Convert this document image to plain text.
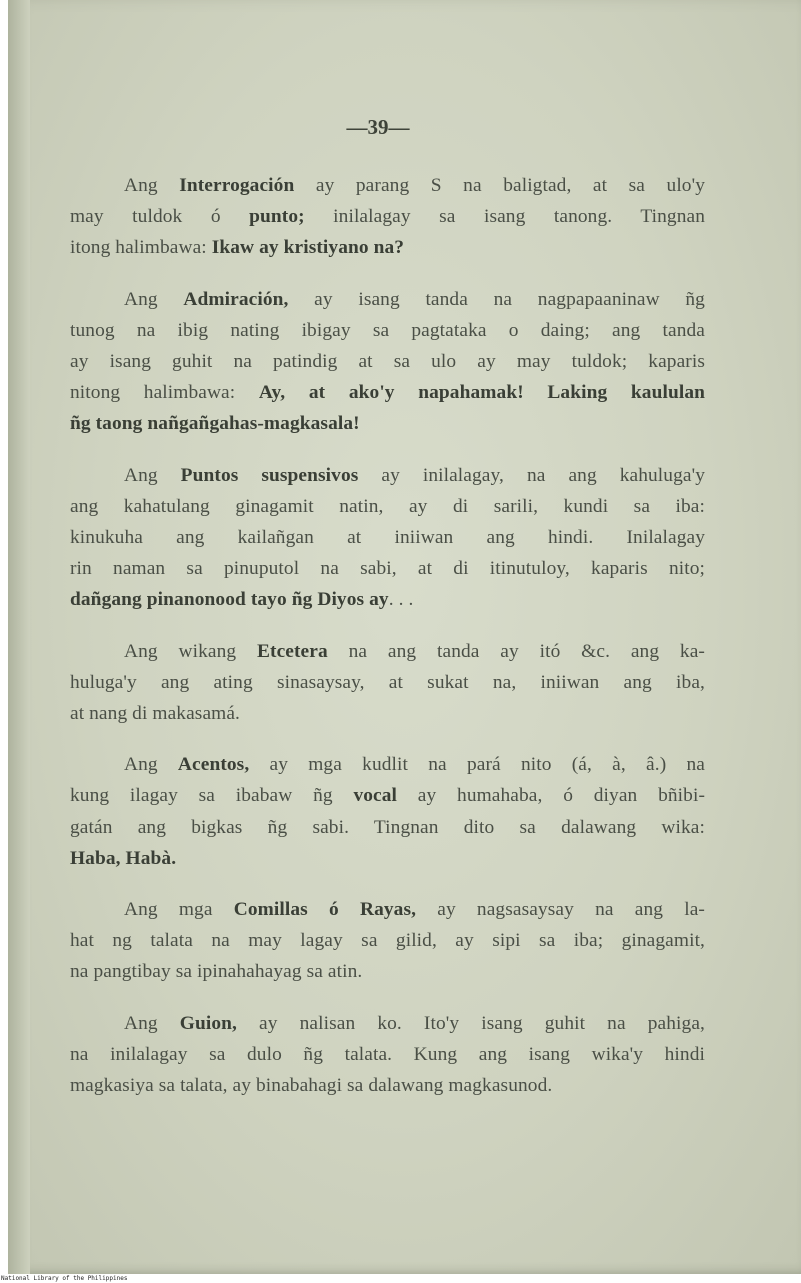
—39—
Ang Interrogación ay parang S na baligtad, at sa ulo'y
may tuldok ó punto; inilalagay sa isang tanong. Tingnan
itong halimbawa: Ikaw ay kristiyano na?
Ang Admiración, ay isang tanda na nagpapaaninaw ñg
tunog na ibig nating ibigay sa pagtataka o daing; ang tanda
ay isang guhit na patindig at sa ulo ay may tuldok; kaparis
nitong halimbawa: Ay, at ako'y napahamak! Laking kaululan
ñg taong nañgañgahas-magkasala!
Ang Puntos suspensivos ay inilalagay, na ang kahuluga'y
ang kahatulang ginagamit natin, ay di sarili, kundi sa iba:
kinukuha ang kailañgan at iniiwan ang hindi. Inilalagay
rin naman sa pinuputol na sabi, at di itinutuloy, kaparis nito;
dañgang pinanonood tayo ñg Diyos ay. . .
Ang wikang Etcetera na ang tanda ay itó &c. ang ka-
huluga'y ang ating sinasaysay, at sukat na, iniiwan ang iba,
at nang di makasamá.
Ang Acentos, ay mga kudlit na pará nito (á, à, â.) na
kung ilagay sa ibabaw ñg vocal ay humahaba, ó diyan bñibi-
gatán ang bigkas ñg sabi. Tingnan dito sa dalawang wika:
Haba, Habà.
Ang mga Comillas ó Rayas, ay nagsasaysay na ang la-
hat ng talata na may lagay sa gilid, ay sipi sa iba; ginagamit,
na pangtibay sa ipinahahayag sa atin.
Ang Guion, ay nalisan ko. Ito'y isang guhit na pahiga,
na inilalagay sa dulo ñg talata. Kung ang isang wika'y hindi
magkasiya sa talata, ay binabahagi sa dalawang magkasunod.
National Library of the Philippines
